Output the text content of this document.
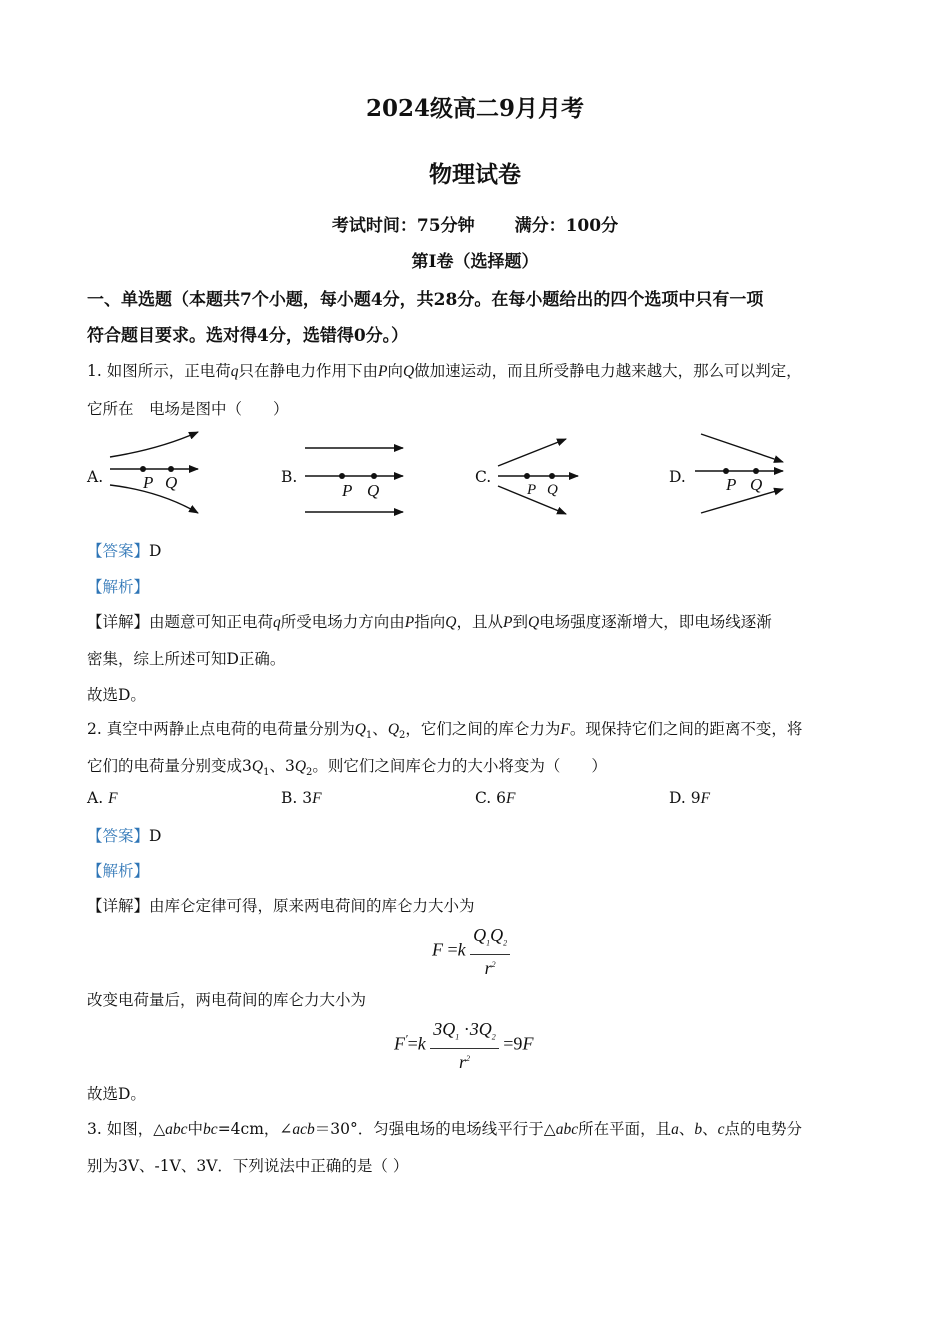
2024级高二9月月考
物理试卷
考试时间：75分钟 满分：100分
第I卷（选择题）
一、单选题（本题共7个小题，每小题4分，共28分。在每小题给出的四个选项中只有一项
符合题目要求。选对得4分，选错得0分。）
1. 如图所示，正电荷q只在静电力作用下由P向Q做加速运动，而且所受静电力越来越大，那么可以判定，
它所在　电场是图中（　　）
A.	B.	C.	D.
P Q	P Q	P Q	P Q
【答案】D
【解析】
【详解】由题意可知正电荷q所受电场力方向由P指向Q，且从P到Q电场强度逐渐增大，即电场线逐渐
密集，综上所述可知D正确。
故选D。
2. 真空中两静止点电荷的电荷量分别为$Q_1$、$Q_2$，它们之间的库仑力为F。现保持它们之间的距离不变，将
它们的电荷量分别变成$3Q_1$、$3Q_2$。则它们之间库仑力的大小将变为（　　）
A. F	B. 3F	C. 6F	D. 9F
【答案】D
【解析】
【详解】由库仑定律可得，原来两电荷间的库仑力大小为
$F =k \frac{Q_1Q_2}{r^2}$
改变电荷量后，两电荷间的库仑力大小为
$F'=k \frac{3Q_1 \cdot 3Q_2}{r^2} =9F$
故选D。
3. 如图，△abc中bc=4cm，∠acb＝30°．匀强电场的电场线平行于△abc所在平面，且a、b、c点的电势分
别为3V、-1V、3V．下列说法中正确的是（ ）
